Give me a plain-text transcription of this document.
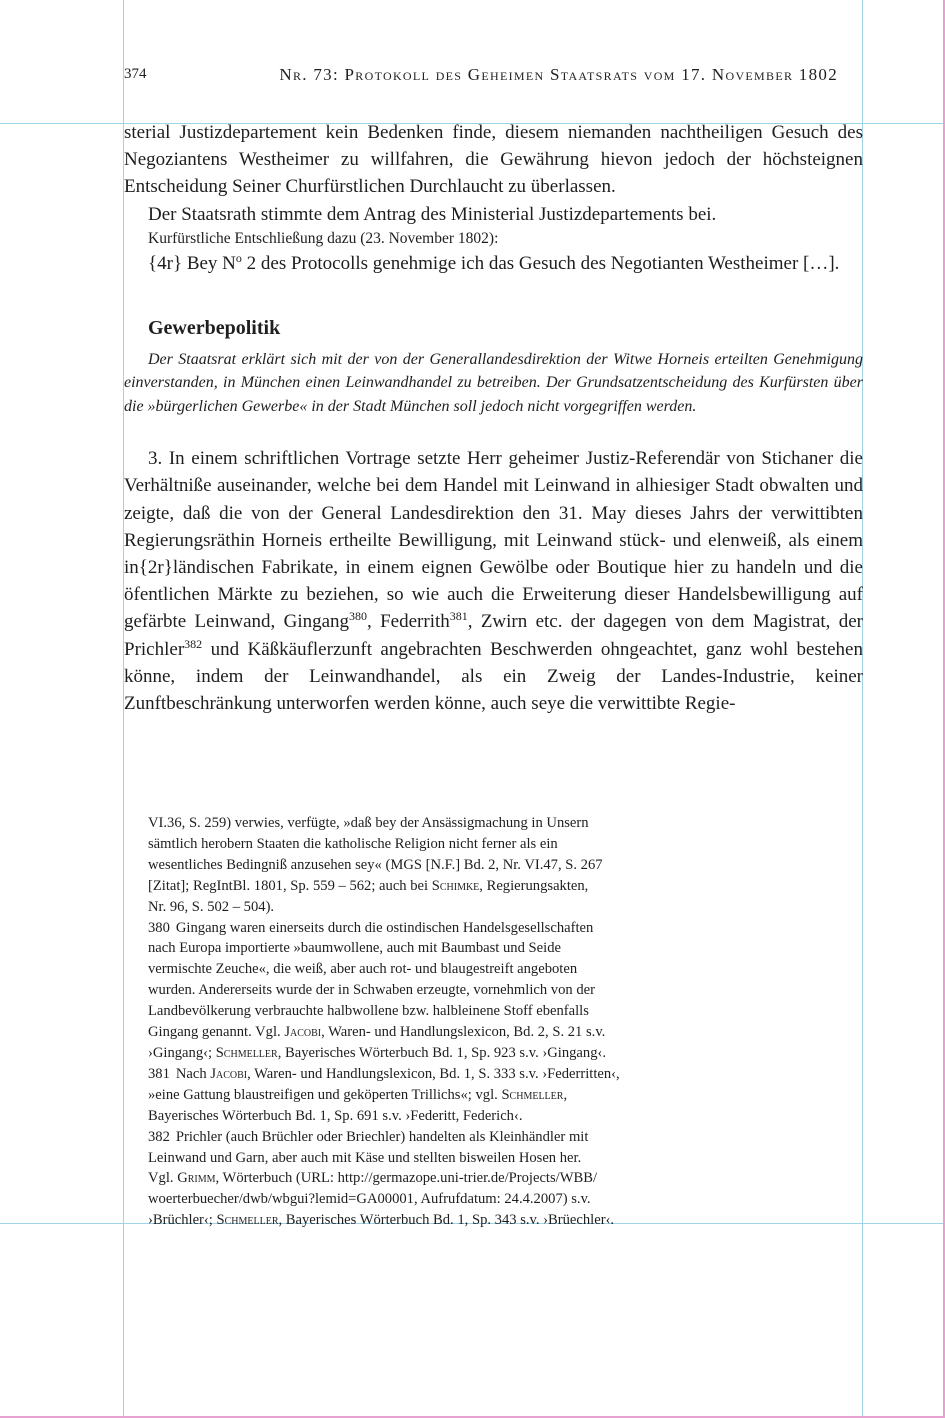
374	Nr. 73: Protokoll des Geheimen Staatsrats vom 17. November 1802

sterial Justizdepartement kein Bedenken finde, diesem niemanden nachtheiligen Gesuch des Negoziantens Westheimer zu willfahren, die Gewährung hievon jedoch der höchsteignen Entscheidung Seiner Churfürstlichen Durchlaucht zu überlassen.

Der Staatsrath stimmte dem Antrag des Ministerial Justizdepartements bei.

Kurfürstliche Entschließung dazu (23. November 1802):

{4r} Bey $N^o$ 2 des Protocolls genehmige ich das Gesuch des Negotianten Westheimer […].

Gewerbepolitik

Der Staatsrat erklärt sich mit der von der Generallandesdirektion der Witwe Horneis erteilten Genehmigung einverstanden, in München einen Leinwandhandel zu betreiben. Der Grundsatzentscheidung des Kurfürsten über die »bürgerlichen Gewerbe« in der Stadt München soll jedoch nicht vorgegriffen werden.

3. In einem schriftlichen Vortrage setzte Herr geheimer Justiz-Referendär von Stichaner die Verhältniße auseinander, welche bei dem Handel mit Leinwand in alhiesiger Stadt obwalten und zeigte, daß die von der General Landesdirektion den 31. May dieses Jahrs der verwittibten Regierungsräthin Horneis ertheilte Bewilligung, mit Leinwand stück- und elenweiß, als einem in{2r}ländischen Fabrikate, in einem eignen Gewölbe oder Boutique hier zu handeln und die öfentlichen Märkte zu beziehen, so wie auch die Erweiterung dieser Handelsbewilligung auf gefärbte Leinwand, Gingang$^{380}$, Federrith$^{381}$, Zwirn etc. der dagegen von dem Magistrat, der Prichler$^{382}$ und Käßkäuflerzunft angebrachten Beschwerden ohngeachtet, ganz wohl bestehen könne, indem der Leinwandhandel, als ein Zweig der Landes-Industrie, keiner Zunftbeschränkung unterworfen werden könne, auch seye die verwittibte Regie-

VI.36, S. 259) verwies, verfügte, »daß bey der Ansässigmachung in Unsern
sämtlich herobern Staaten die katholische Religion nicht ferner als ein
wesentliches Bedingniß anzusehen sey« (MGS [N.F.] Bd. 2, Nr. VI.47, S. 267
[Zitat]; RegIntBl. 1801, Sp. 559 – 562; auch bei Schimke, Regierungsakten,
Nr. 96, S. 502 – 504).
380 Gingang waren einerseits durch die ostindischen Handelsgesellschaften
nach Europa importierte »baumwollene, auch mit Baumbast und Seide
vermischte Zeuche«, die weiß, aber auch rot- und blaugestreift angeboten
wurden. Andererseits wurde der in Schwaben erzeugte, vornehmlich von der
Landbevölkerung verbrauchte halbwollene bzw. halbleinene Stoff ebenfalls
Gingang genannt. Vgl. Jacobi, Waren- und Handlungslexicon, Bd. 2, S. 21 s.v.
›Gingang‹; Schmeller, Bayerisches Wörterbuch Bd. 1, Sp. 923 s.v. ›Gingang‹.
381 Nach Jacobi, Waren- und Handlungslexicon, Bd. 1, S. 333 s.v. ›Federritten‹,
»eine Gattung blaustreifigen und geköperten Trillichs«; vgl. Schmeller,
Bayerisches Wörterbuch Bd. 1, Sp. 691 s.v. ›Federitt, Federich‹.
382 Prichler (auch Brüchler oder Briechler) handelten als Kleinhändler mit
Leinwand und Garn, aber auch mit Käse und stellten bisweilen Hosen her.
Vgl. Grimm, Wörterbuch (URL: http://germazope.uni-trier.de/Projects/WBB/
woerterbuecher/dwb/wbgui?lemid=GA00001, Aufrufdatum: 24.4.2007) s.v.
›Brüchler‹; Schmeller, Bayerisches Wörterbuch Bd. 1, Sp. 343 s.v. ›Brüechler‹.
